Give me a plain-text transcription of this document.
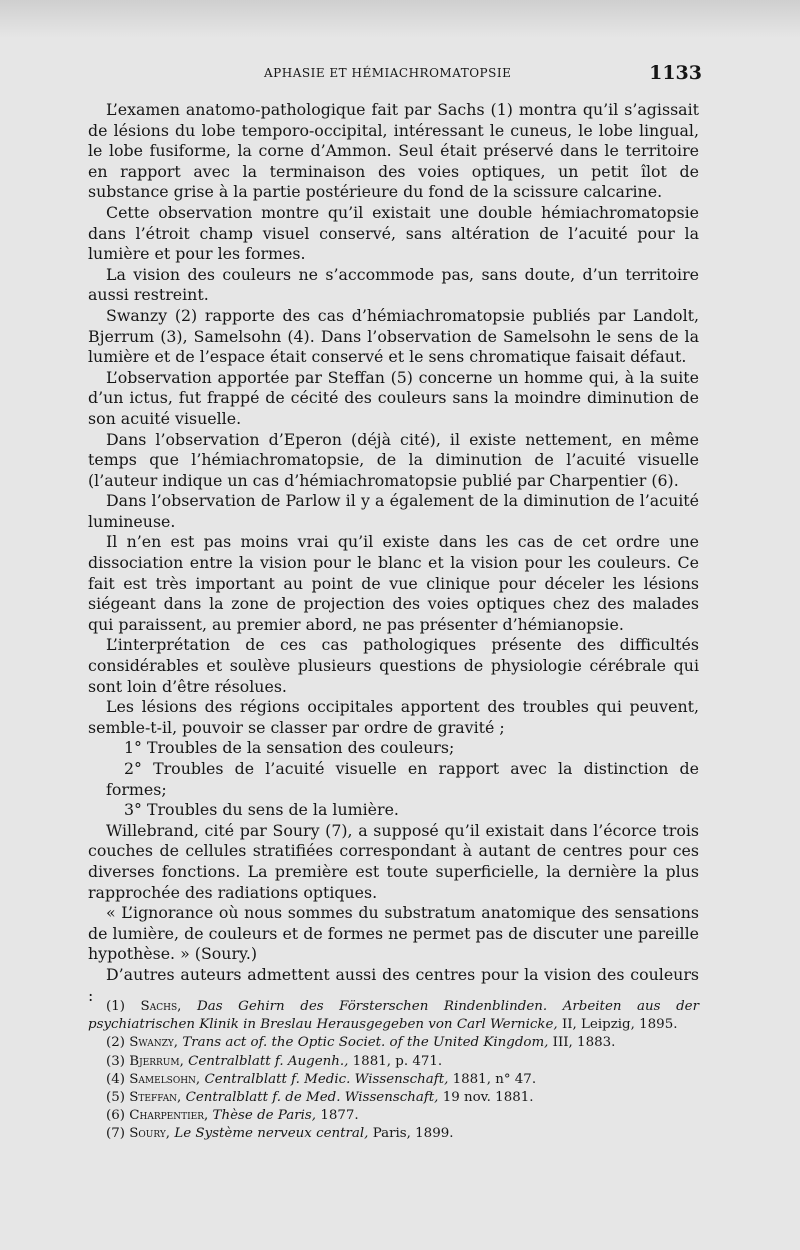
APHASIE ET HÉMIACHROMATOPSIE	1133

L’examen anatomo-pathologique fait par Sachs (1) montra qu’il s’agissait de lésions du lobe temporo-occipital, intéressant le cuneus, le lobe lingual, le lobe fusiforme, la corne d’Ammon. Seul était préservé dans le territoire en rapport avec la terminaison des voies optiques, un petit îlot de substance grise à la partie postérieure du fond de la scissure calcarine.

Cette observation montre qu’il existait une double hémiachromatopsie dans l’étroit champ visuel conservé, sans altération de l’acuité pour la lumière et pour les formes.

La vision des couleurs ne s’accommode pas, sans doute, d’un territoire aussi restreint.

Swanzy (2) rapporte des cas d’hémiachromatopsie publiés par Landolt, Bjerrum (3), Samelsohn (4). Dans l’observation de Samelsohn le sens de la lumière et de l’espace était conservé et le sens chromatique faisait défaut.

L’observation apportée par Steffan (5) concerne un homme qui, à la suite d’un ictus, fut frappé de cécité des couleurs sans la moindre diminution de son acuité visuelle.

Dans l’observation d’Eperon (déjà cité), il existe nettement, en même temps que l’hémiachromatopsie, de la diminution de l’acuité visuelle (l’auteur indique un cas d’hémiachromatopsie publié par Charpentier (6).

Dans l’observation de Parlow il y a également de la diminution de l’acuité lumineuse.

Il n’en est pas moins vrai qu’il existe dans les cas de cet ordre une dissociation entre la vision pour le blanc et la vision pour les couleurs. Ce fait est très important au point de vue clinique pour déceler les lésions siégeant dans la zone de projection des voies optiques chez des malades qui paraissent, au premier abord, ne pas présenter d’hémianopsie.

L’interprétation de ces cas pathologiques présente des difficultés considérables et soulève plusieurs questions de physiologie cérébrale qui sont loin d’être résolues.

Les lésions des régions occipitales apportent des troubles qui peuvent, semble-t-il, pouvoir se classer par ordre de gravité ;

1° Troubles de la sensation des couleurs;

2° Troubles de l’acuité visuelle en rapport avec la distinction de formes;

3° Troubles du sens de la lumière.

Willebrand, cité par Soury (7), a supposé qu’il existait dans l’écorce trois couches de cellules stratifiées correspondant à autant de centres pour ces diverses fonctions. La première est toute superficielle, la dernière la plus rapprochée des radiations optiques.

« L’ignorance où nous sommes du substratum anatomique des sensations de lumière, de couleurs et de formes ne permet pas de discuter une pareille hypothèse. » (Soury.)

D’autres auteurs admettent aussi des centres pour la vision des couleurs :

(1) Sachs, Das Gehirn des Försterschen Rindenblinden. Arbeiten aus der psychiatrischen Klinik in Breslau Herausgegeben von Carl Wernicke, II, Leipzig, 1895.

(2) Swanzy, Trans act of. the Optic Societ. of the United Kingdom, III, 1883.

(3) Bjerrum, Centralblatt f. Augenh., 1881, p. 471.

(4) Samelsohn, Centralblatt f. Medic. Wissenschaft, 1881, n° 47.

(5) Steffan, Centralblatt f. de Med. Wissenschaft, 19 nov. 1881.

(6) Charpentier, Thèse de Paris, 1877.

(7) Soury, Le Système nerveux central, Paris, 1899.
